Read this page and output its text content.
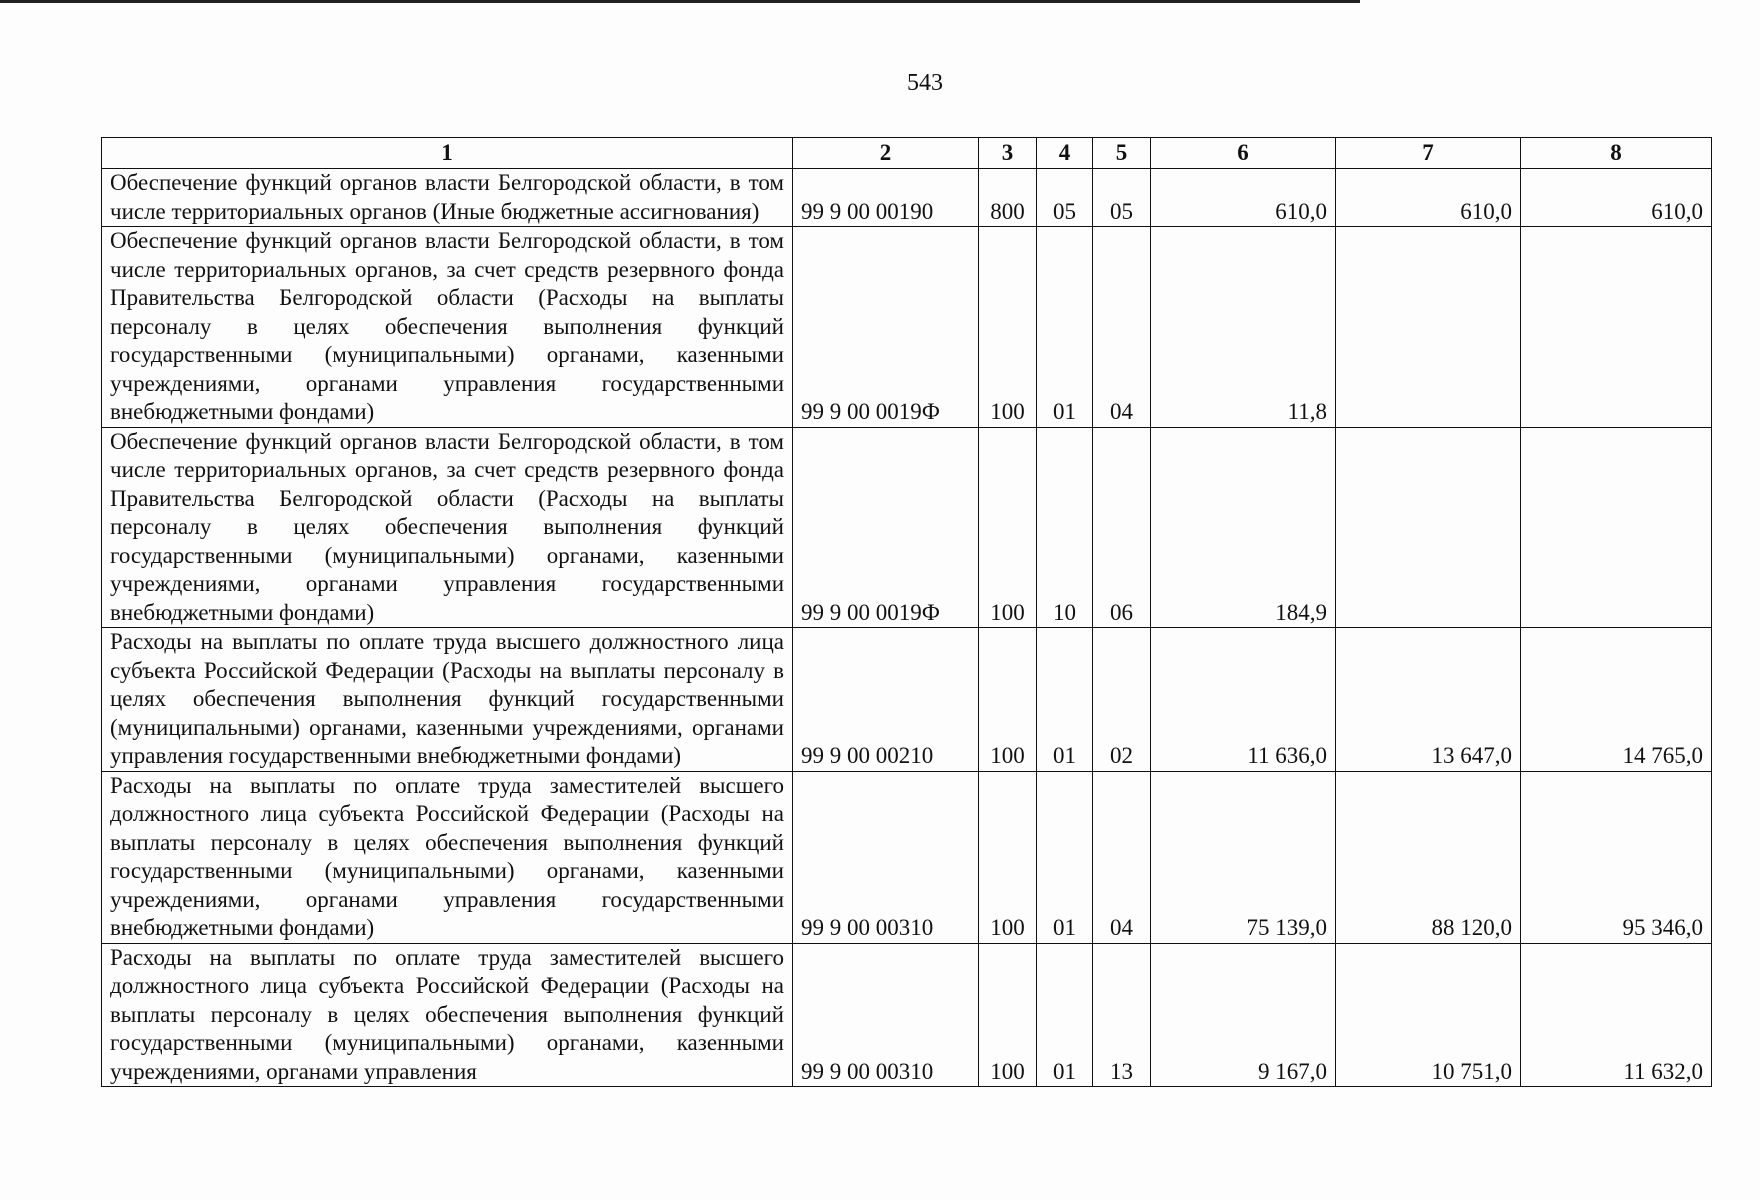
543
1	2	3	4	5	6	7	8
Обеспечение функций органов власти Белгородской области, в том числе территориальных органов (Иные бюджетные ассигнования)	99 9 00 00190	800	05	05	610,0	610,0	610,0
Обеспечение функций органов власти Белгородской области, в том числе территориальных органов, за счет средств резервного фонда Правительства Белгородской области (Расходы на выплаты персоналу в целях обеспечения выполнения функций государственными (муниципальными) органами, казенными учреждениями, органами управления государственными внебюджетными фондами)	99 9 00 0019Ф	100	01	04	11,8		
Обеспечение функций органов власти Белгородской области, в том числе территориальных органов, за счет средств резервного фонда Правительства Белгородской области (Расходы на выплаты персоналу в целях обеспечения выполнения функций государственными (муниципальными) органами, казенными учреждениями, органами управления государственными внебюджетными фондами)	99 9 00 0019Ф	100	10	06	184,9		
Расходы на выплаты по оплате труда высшего должностного лица субъекта Российской Федерации (Расходы на выплаты персоналу в целях обеспечения выполнения функций государственными (муниципальными) органами, казенными учреждениями, органами управления государственными внебюджетными фондами)	99 9 00 00210	100	01	02	11 636,0	13 647,0	14 765,0
Расходы на выплаты по оплате труда заместителей высшего должностного лица субъекта Российской Федерации (Расходы на выплаты персоналу в целях обеспечения выполнения функций государственными (муниципальными) органами, казенными учреждениями, органами управления государственными внебюджетными фондами)	99 9 00 00310	100	01	04	75 139,0	88 120,0	95 346,0
Расходы на выплаты по оплате труда заместителей высшего должностного лица субъекта Российской Федерации (Расходы на выплаты персоналу в целях обеспечения выполнения функций государственными (муниципальными) органами, казенными учреждениями, органами управления	99 9 00 00310	100	01	13	9 167,0	10 751,0	11 632,0
